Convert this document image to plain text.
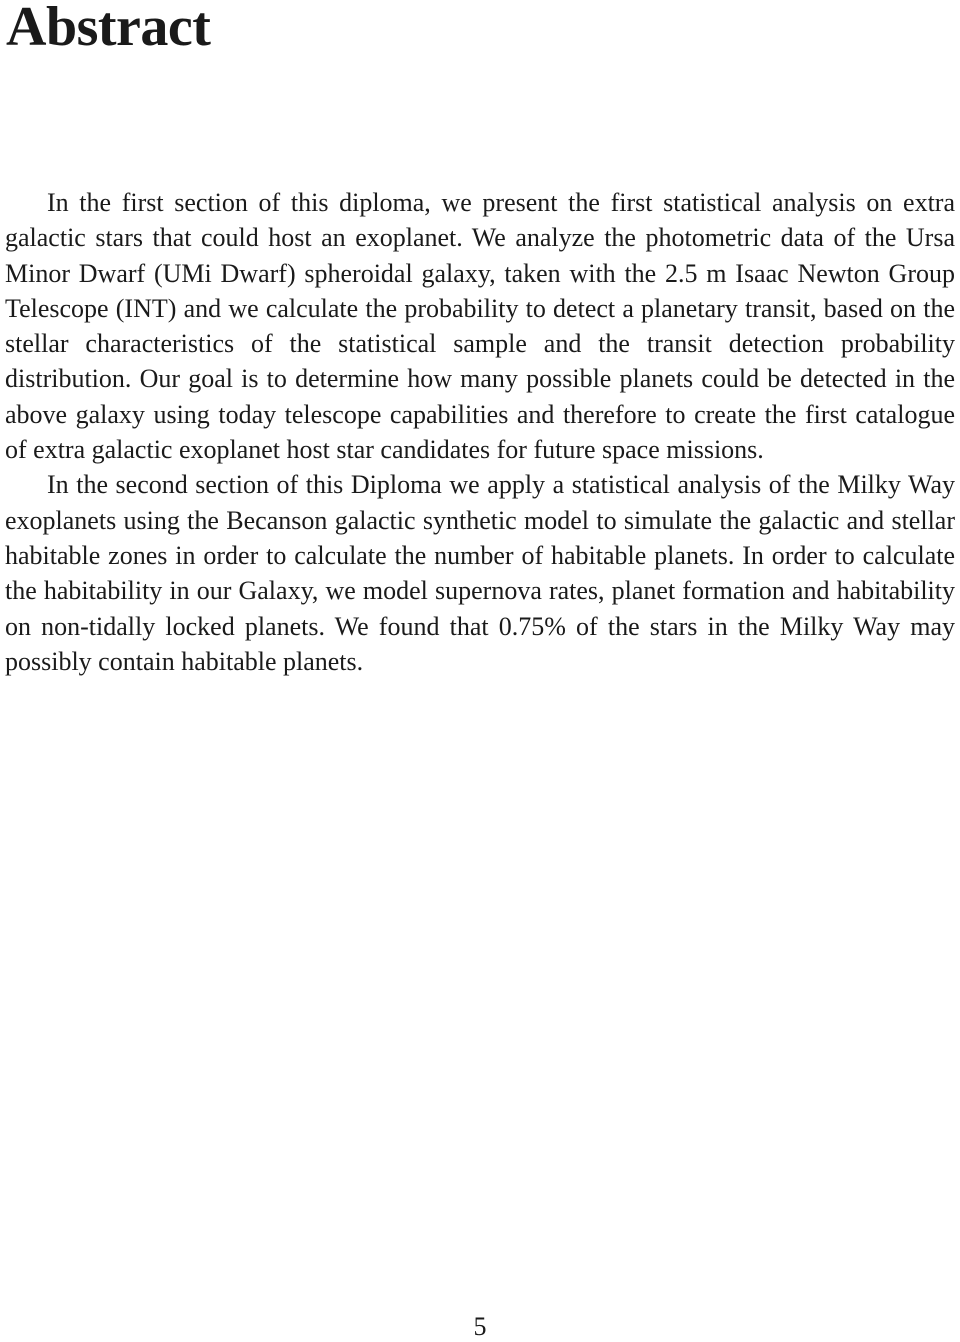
Abstract

In the first section of this diploma, we present the first statistical analysis on extra galactic stars that could host an exoplanet. We analyze the photometric data of the Ursa Minor Dwarf (UMi Dwarf) spheroidal galaxy, taken with the 2.5 m Isaac Newton Group Telescope (INT) and we calculate the probability to detect a planetary transit, based on the stellar characteristics of the statistical sample and the transit detection probability distribution. Our goal is to determine how many possible planets could be detected in the above galaxy using today telescope capabilities and therefore to create the first catalogue of extra galactic exoplanet host star candidates for future space missions.

In the second section of this Diploma we apply a statistical analysis of the Milky Way exoplanets using the Becanson galactic synthetic model to simulate the galactic and stellar habitable zones in order to calculate the number of habitable planets. In order to calculate the habitability in our Galaxy, we model supernova rates, planet formation and habitability on non-tidally locked planets. We found that 0.75% of the stars in the Milky Way may possibly contain habitable planets.

5
